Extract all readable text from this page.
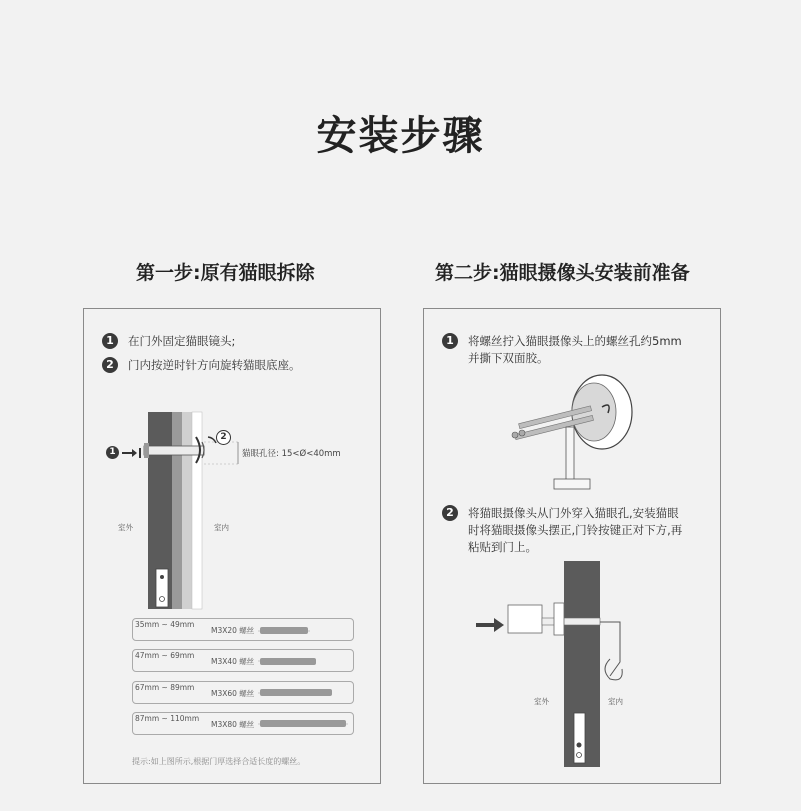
安装步骤
第一步:原有猫眼拆除	第二步:猫眼摄像头安装前准备
1	在门外固定猫眼镜头;
2	门内按逆时针方向旋转猫眼底座。
1
2
猫眼孔径: 15<Ø<40mm
室外	室内
35mm ~ 49mm
M3X20 螺丝
47mm ~ 69mm
M3X40 螺丝
67mm ~ 89mm
M3X60 螺丝
87mm ~ 110mm
M3X80 螺丝
提示:如上图所示,根据门厚选择合适长度的螺丝。
1	将螺丝拧入猫眼摄像头上的螺丝孔约5mm
并撕下双面胶。
2	将猫眼摄像头从门外穿入猫眼孔,安装猫眼
时将猫眼摄像头摆正,门铃按键正对下方,再
粘贴到门上。
室外	室内
